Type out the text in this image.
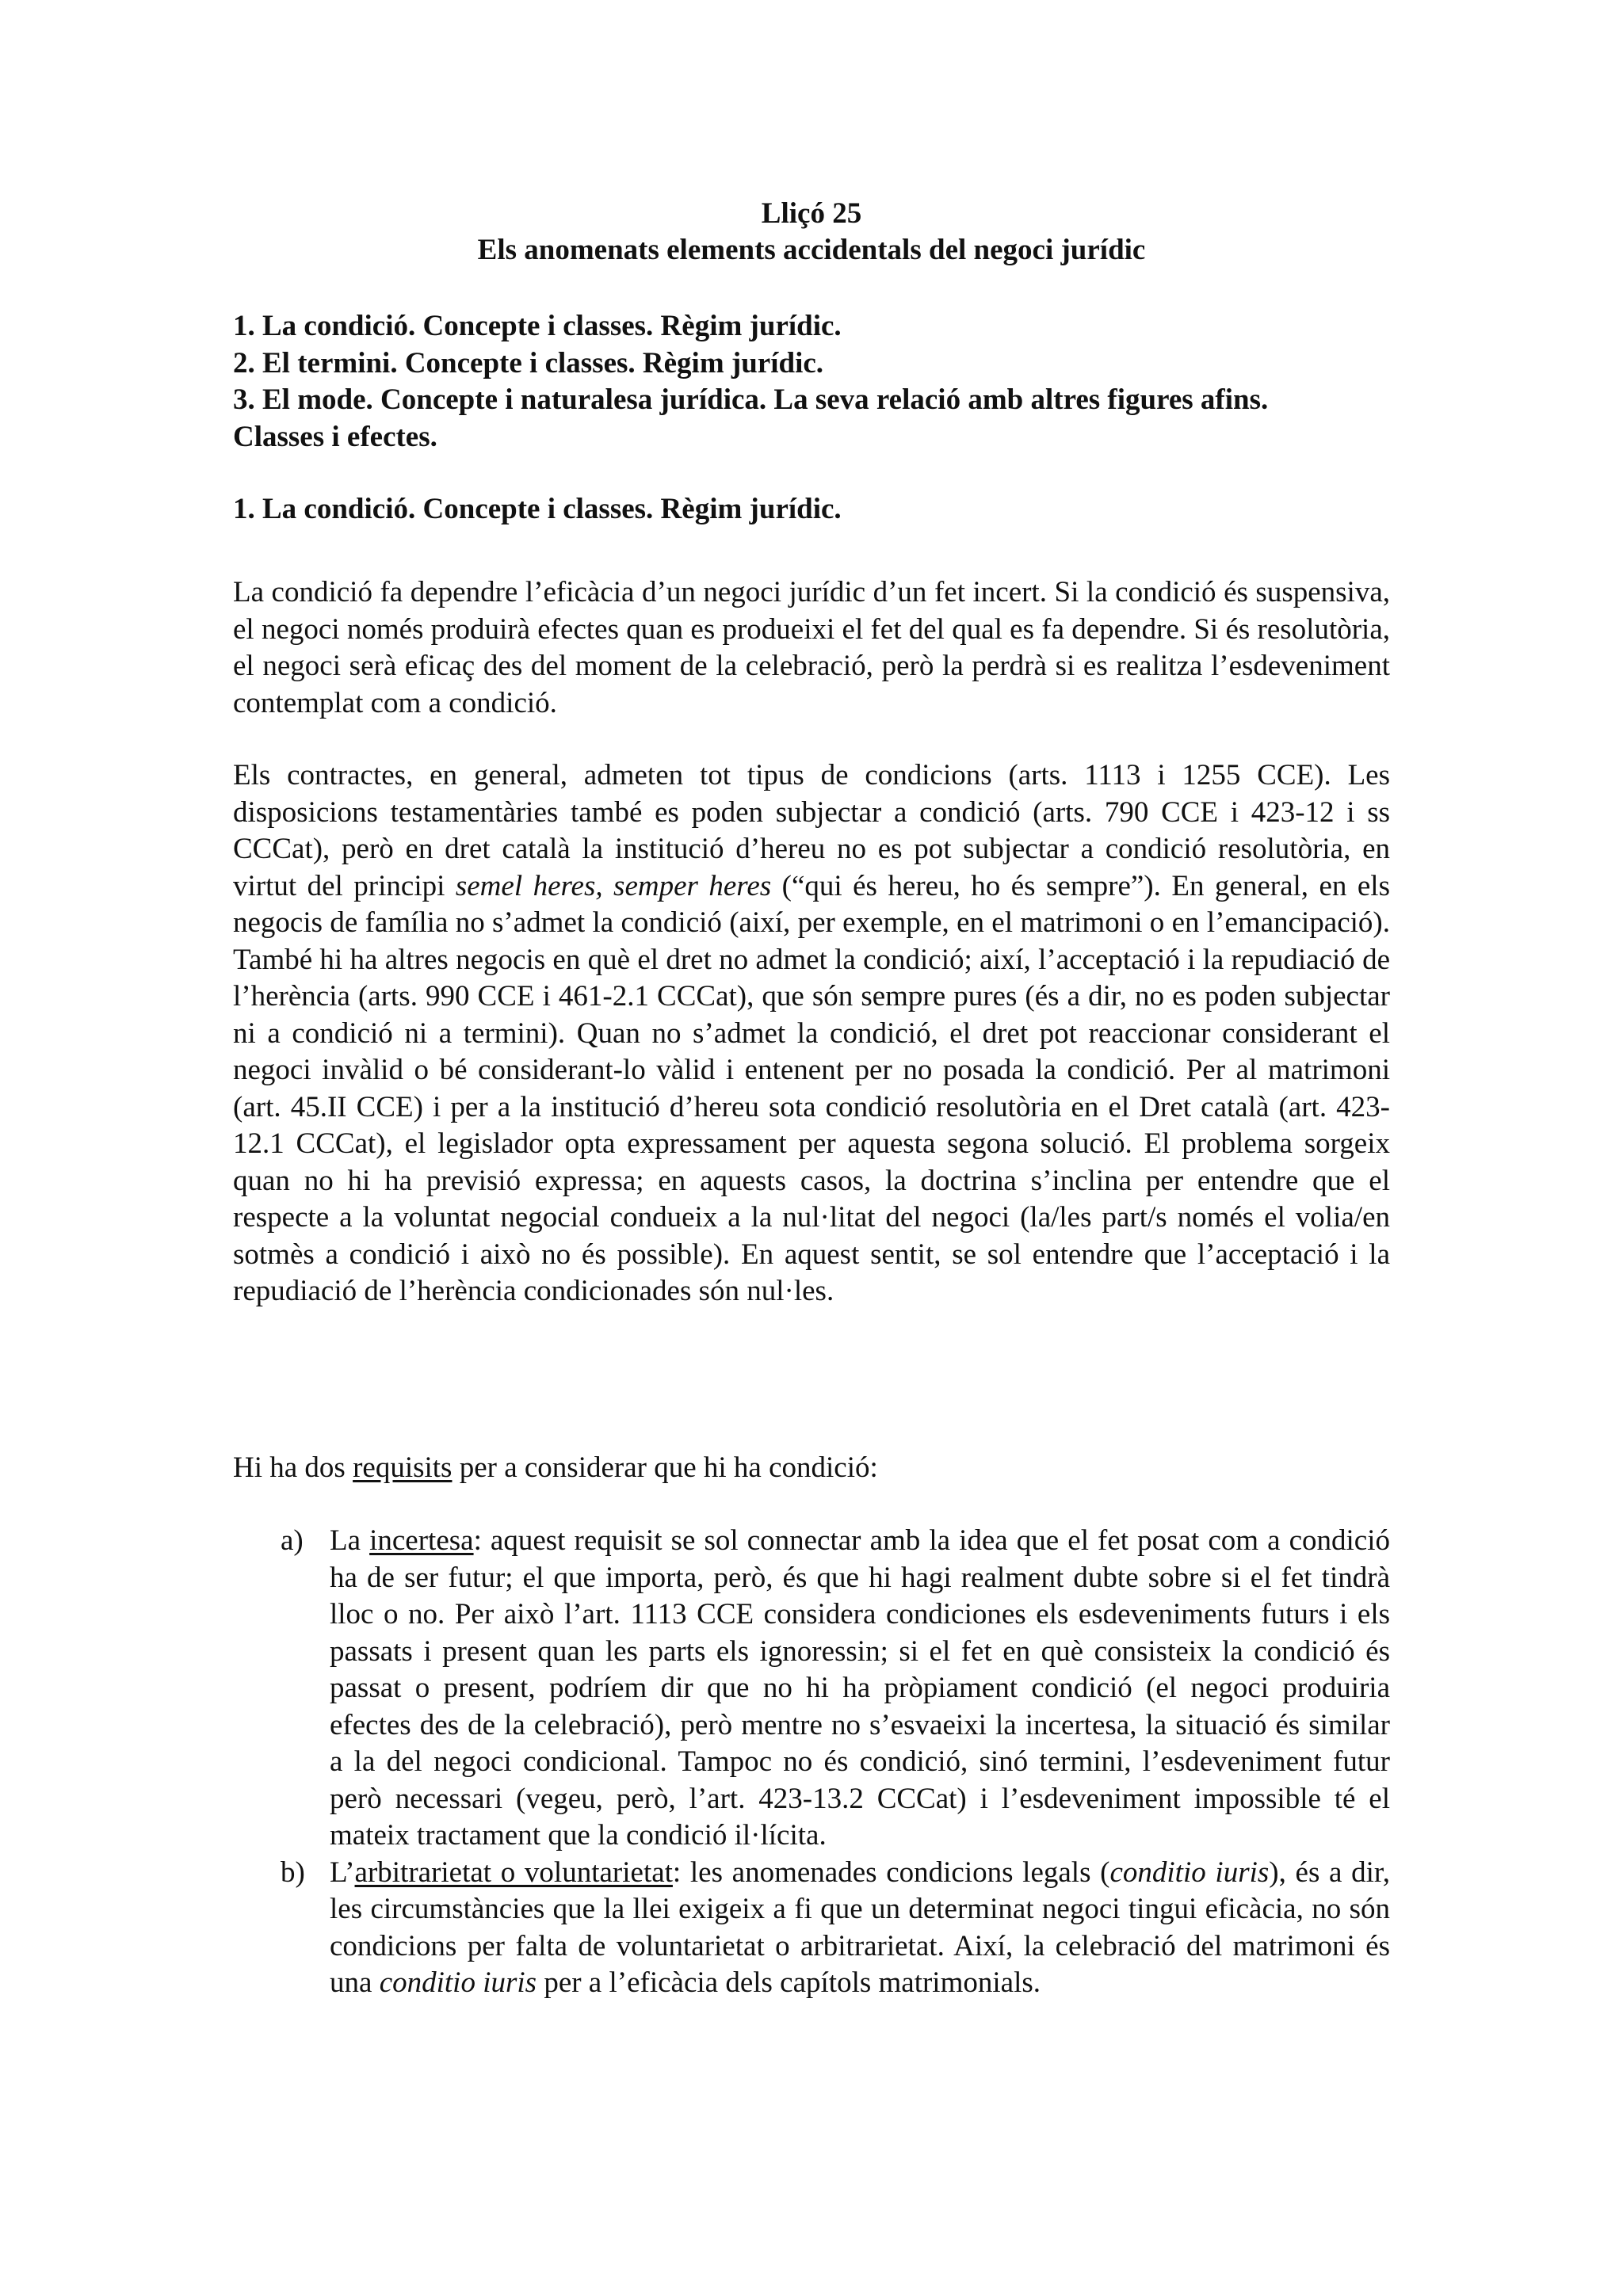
Lliçó 25
Els anomenats elements accidentals del negoci jurídic
1. La condició. Concepte i classes. Règim jurídic.
2. El termini. Concepte i classes. Règim jurídic.
3. El mode. Concepte i naturalesa jurídica. La seva relació amb altres figures afins.
Classes i efectes.
1. La condició. Concepte i classes. Règim jurídic.

La condició fa dependre l’eficàcia d’un negoci jurídic d’un fet incert. Si la condició és suspensiva, el negoci només produirà efectes quan es produeixi el fet del qual es fa dependre. Si és resolutòria, el negoci serà eficaç des del moment de la celebració, però la perdrà si es realitza l’esdeveniment contemplat com a condició.

Els contractes, en general, admeten tot tipus de condicions (arts. 1113 i 1255 CCE). Les disposicions testamentàries també es poden subjectar a condició (arts. 790 CCE i 423-12 i ss CCCat), però en dret català la institució d’hereu no es pot subjectar a condició resolutòria, en virtut del principi semel heres, semper heres (“qui és hereu, ho és sempre”). En general, en els negocis de família no s’admet la condició (així, per exemple, en el matrimoni o en l’emancipació). També hi ha altres negocis en què el dret no admet la condició; així, l’acceptació i la repudiació de l’herència (arts. 990 CCE i 461-2.1 CCCat), que són sempre pures (és a dir, no es poden subjectar ni a condició ni a termini). Quan no s’admet la condició, el dret pot reaccionar considerant el negoci invàlid o bé considerant-lo vàlid i entenent per no posada la condició. Per al matrimoni (art. 45.II CCE) i per a la institució d’hereu sota condició resolutòria en el Dret català (art. 423-12.1 CCCat), el legislador opta expressament per aquesta segona solució. El problema sorgeix quan no hi ha previsió expressa; en aquests casos, la doctrina s’inclina per entendre que el respecte a la voluntat negocial condueix a la nul·litat del negoci (la/les part/s només el volia/en sotmès a condició i això no és possible). En aquest sentit, se sol entendre que l’acceptació i la repudiació de l’herència condicionades són nul·les.

Hi ha dos requisits per a considerar que hi ha condició:

a) La incertesa: aquest requisit se sol connectar amb la idea que el fet posat com a condició ha de ser futur; el que importa, però, és que hi hagi realment dubte sobre si el fet tindrà lloc o no. Per això l’art. 1113 CCE considera condiciones els esdeveniments futurs i els passats i present quan les parts els ignoressin; si el fet en què consisteix la condició és passat o present, podríem dir que no hi ha pròpiament condició (el negoci produiria efectes des de la celebració), però mentre no s’esvaeixi la incertesa, la situació és similar a la del negoci condicional. Tampoc no és condició, sinó termini, l’esdeveniment futur però necessari (vegeu, però, l’art. 423-13.2 CCCat) i l’esdeveniment impossible té el mateix tractament que la condició il·lícita.
b) L’arbitrarietat o voluntarietat: les anomenades condicions legals (conditio iuris), és a dir, les circumstàncies que la llei exigeix a fi que un determinat negoci tingui eficàcia, no són condicions per falta de voluntarietat o arbitrarietat. Així, la celebració del matrimoni és una conditio iuris per a l’eficàcia dels capítols matrimonials.
